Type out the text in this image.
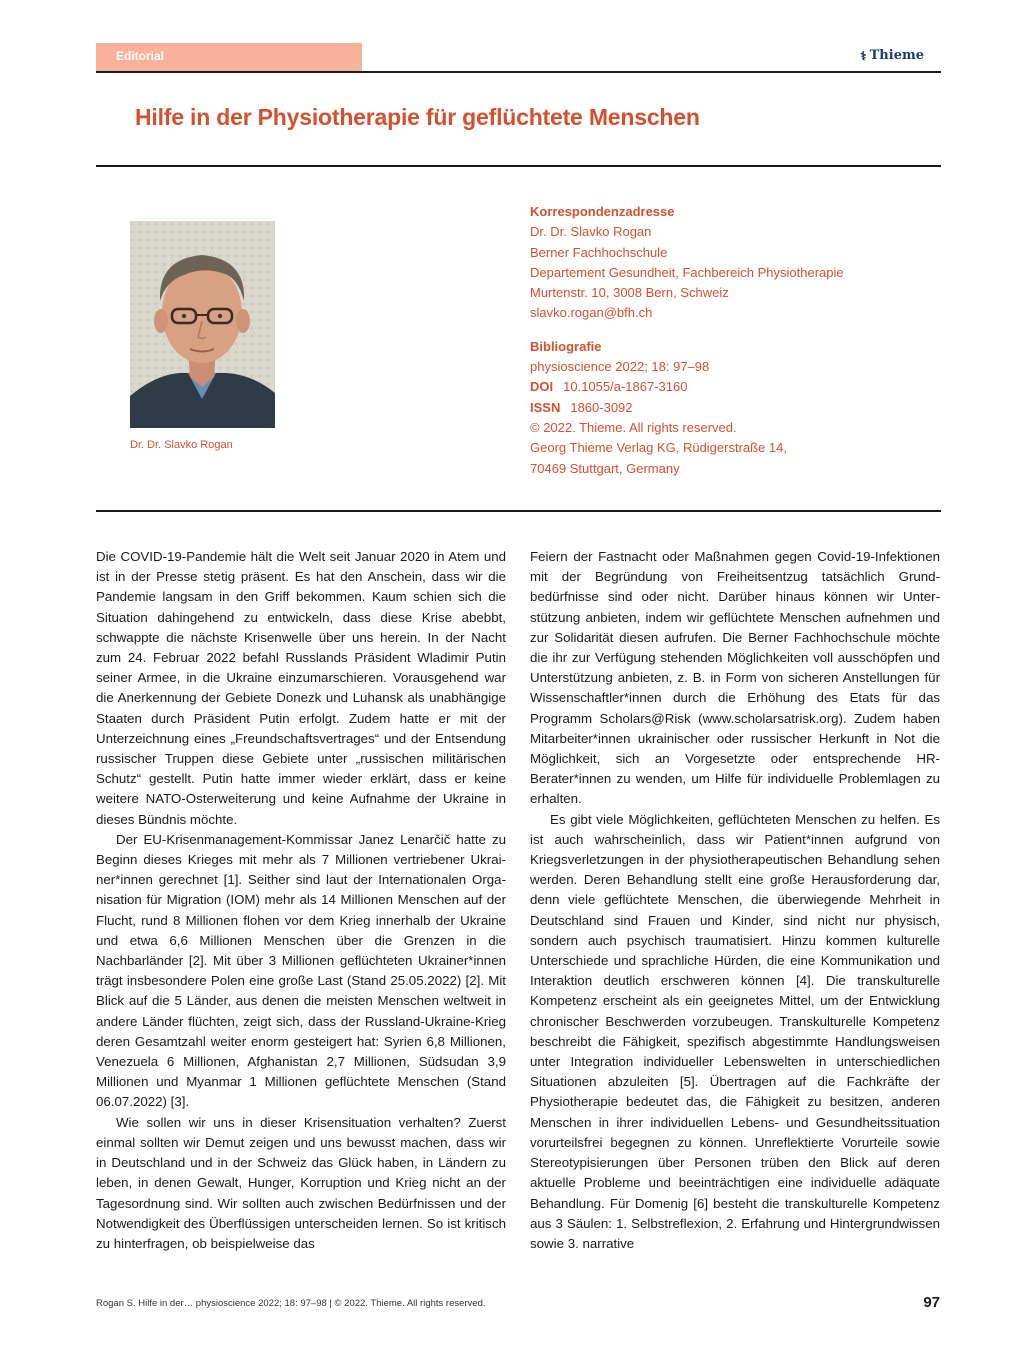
Editorial	⚕ Thieme
Hilfe in der Physiotherapie für geflüchtete Menschen
Dr. Dr. Slavko Rogan
Korrespondenzadresse
Dr. Dr. Slavko Rogan
Berner Fachhochschule
Departement Gesundheit, Fachbereich Physiotherapie
Murtenstr. 10, 3008 Bern, Schweiz
slavko.rogan@bfh.ch
Bibliografie
physioscience 2022; 18: 97–98
DOI 10.1055/a-1867-3160
ISSN 1860-3092
© 2022. Thieme. All rights reserved.
Georg Thieme Verlag KG, Rüdigerstraße 14,
70469 Stuttgart, Germany

Die COVID-19-Pandemie hält die Welt seit Januar 2020 in Atem und ist in der Presse stetig präsent. Es hat den Anschein, dass wir die Pandemie langsam in den Griff bekommen. Kaum schien sich die Situation dahingehend zu entwickeln, dass diese Krise abebbt, schwappte die nächste Krisenwelle über uns herein. In der Nacht zum 24. Februar 2022 befahl Russlands Präsident Wladimir Putin seiner Armee, in die Ukraine einzumarschieren. Vorausgehend war die Anerkennung der Gebiete Donezk und Luhansk als unabhängige Staaten durch Präsident Putin erfolgt. Zudem hatte er mit der Unterzeichnung eines „Freundschaftsvertrages“ und der Entsendung russischer Truppen diese Gebiete unter „russischen militärischen Schutz“ gestellt. Putin hatte immer wieder erklärt, dass er keine weitere NATO-Osterweiterung und keine Aufnahme der Ukraine in dieses Bündnis möchte.

Der EU-Krisenmanagement-Kommissar Janez Lenarčič hatte zu Beginn dieses Krieges mit mehr als 7 Millionen vertriebener Ukrainer*innen gerechnet [1]. Seither sind laut der Internationalen Organisation für Migration (IOM) mehr als 14 Millionen Menschen auf der Flucht, rund 8 Millionen flohen vor dem Krieg innerhalb der Ukraine und etwa 6,6 Millionen Menschen über die Grenzen in die Nachbarländer [2]. Mit über 3 Millionen geflüchteten Ukrainer*innen trägt insbesondere Polen eine große Last (Stand 25.05.2022) [2]. Mit Blick auf die 5 Länder, aus denen die meisten Menschen weltweit in andere Länder flüchten, zeigt sich, dass der Russland-Ukraine-Krieg deren Gesamtzahl weiter enorm gesteigert hat: Syrien 6,8 Millionen, Venezuela 6 Millionen, Afghanistan 2,7 Millionen, Südsudan 3,9 Millionen und Myanmar 1 Millionen geflüchtete Menschen (Stand 06.07.2022) [3].

Wie sollen wir uns in dieser Krisensituation verhalten? Zuerst einmal sollten wir Demut zeigen und uns bewusst machen, dass wir in Deutschland und in der Schweiz das Glück haben, in Ländern zu leben, in denen Gewalt, Hunger, Korruption und Krieg nicht an der Tagesordnung sind. Wir sollten auch zwischen Bedürfnissen und der Notwendigkeit des Überflüssigen unterscheiden lernen. So ist kritisch zu hinterfragen, ob beispielweise das

Feiern der Fastnacht oder Maßnahmen gegen Covid-19-Infektionen mit der Begründung von Freiheitsentzug tatsächlich Grundbedürfnisse sind oder nicht. Darüber hinaus können wir Unterstützung anbieten, indem wir geflüchtete Menschen aufnehmen und zur Solidarität diesen aufrufen. Die Berner Fachhochschule möchte die ihr zur Verfügung stehenden Möglichkeiten voll ausschöpfen und Unterstützung anbieten, z. B. in Form von sicheren Anstellungen für Wissenschaftler*innen durch die Erhöhung des Etats für das Programm Scholars@Risk (www.scholarsatrisk.org). Zudem haben Mitarbeiter*innen ukrainischer oder russischer Herkunft in Not die Möglichkeit, sich an Vorgesetzte oder entsprechende HR-Berater*innen zu wenden, um Hilfe für individuelle Problemlagen zu erhalten.

Es gibt viele Möglichkeiten, geflüchteten Menschen zu helfen. Es ist auch wahrscheinlich, dass wir Patient*innen aufgrund von Kriegsverletzungen in der physiotherapeutischen Behandlung sehen werden. Deren Behandlung stellt eine große Herausforderung dar, denn viele geflüchtete Menschen, die überwiegende Mehrheit in Deutschland sind Frauen und Kinder, sind nicht nur physisch, sondern auch psychisch traumatisiert. Hinzu kommen kulturelle Unterschiede und sprachliche Hürden, die eine Kommunikation und Interaktion deutlich erschweren können [4]. Die transkulturelle Kompetenz erscheint als ein geeignetes Mittel, um der Entwicklung chronischer Beschwerden vorzubeugen. Transkulturelle Kompetenz beschreibt die Fähigkeit, spezifisch abgestimmte Handlungsweisen unter Integration individueller Lebenswelten in unterschiedlichen Situationen abzuleiten [5]. Übertragen auf die Fachkräfte der Physiotherapie bedeutet das, die Fähigkeit zu besitzen, anderen Menschen in ihrer individuellen Lebens- und Gesundheitssituation vorurteilsfrei begegnen zu können. Unreflektierte Vorurteile sowie Stereotypisierungen über Personen trüben den Blick auf deren aktuelle Probleme und beeinträchtigen eine individuelle adäquate Behandlung. Für Domenig [6] besteht die transkulturelle Kompetenz aus 3 Säulen: 1. Selbstreflexion, 2. Erfahrung und Hintergrundwissen sowie 3. narrative

Rogan S. Hilfe in der… physioscience 2022; 18: 97–98 | © 2022. Thieme. All rights reserved.	97
